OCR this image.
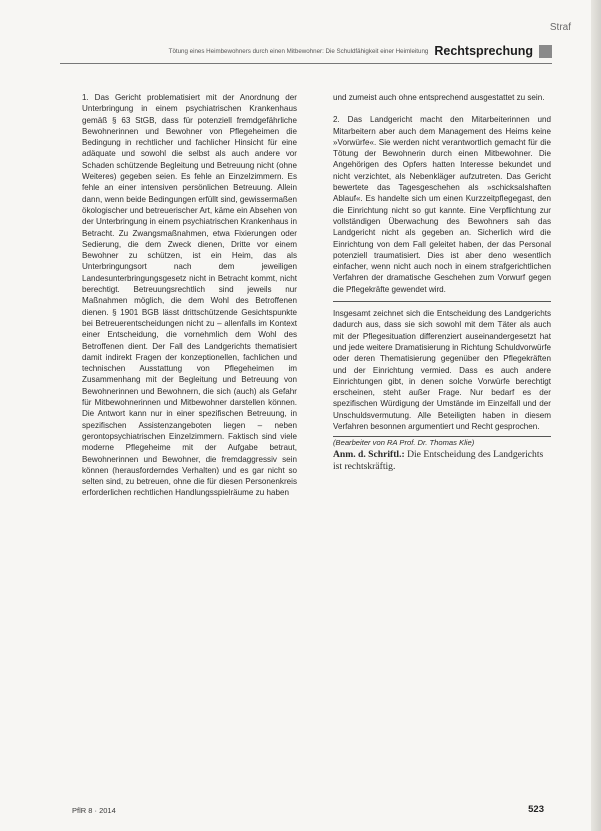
Straf
Tötung eines Heimbewohners durch einen Mitbewohner: Die Schuldfähigkeit einer Heimleitung Rechtsprechung

1. Das Gericht problematisiert mit der Anordnung der Unterbringung in einem psychiatrischen Krankenhaus gemäß § 63 StGB, dass für potenziell fremdgefährliche Bewohnerinnen und Bewohner von Pflegeheimen die Bedingung in rechtlicher und fachlicher Hinsicht für eine adäquate und sowohl die selbst als auch andere vor Schaden schützende Begleitung und Betreuung nicht (ohne Weiteres) gegeben seien. Es fehle an Einzelzimmern. Es fehle an einer intensiven persönlichen Betreuung. Allein dann, wenn beide Bedingungen erfüllt sind, gewissermaßen ökologischer und betreuerischer Art, käme ein Absehen von der Unterbringung in einem psychiatrischen Krankenhaus in Betracht. Zu Zwangsmaßnahmen, etwa Fixierungen oder Sedierung, die dem Zweck dienen, Dritte vor einem Bewohner zu schützen, ist ein Heim, das als Unterbringungsort nach dem jeweiligen Landesunterbringungsgesetz nicht in Betracht kommt, nicht berechtigt. Betreuungsrechtlich sind jeweils nur Maßnahmen möglich, die dem Wohl des Betroffenen dienen. § 1901 BGB lässt drittschützende Gesichtspunkte bei Betreuerentscheidungen nicht zu – allenfalls im Kontext einer Entscheidung, die vornehmlich dem Wohl des Betroffenen dient. Der Fall des Landgerichts thematisiert damit indirekt Fragen der konzeptionellen, fachlichen und technischen Ausstattung von Pflegeheimen im Zusammenhang mit der Begleitung und Betreuung von Bewohnerinnen und Bewohnern, die sich (auch) als Gefahr für Mitbewohnerinnen und Mitbewohner darstellen können. Die Antwort kann nur in einer spezifischen Betreuung, in spezifischen Assistenzangeboten liegen – neben gerontopsychiatrischen Einzelzimmern. Faktisch sind viele moderne Pflegeheime mit der Aufgabe betraut, Bewohnerinnen und Bewohner, die fremdaggressiv sein können (herausforderndes Verhalten) und es gar nicht so selten sind, zu betreuen, ohne die für diesen Personenkreis erforderlichen rechtlichen Handlungsspielräume zu haben

und zumeist auch ohne entsprechend ausgestattet zu sein.

2. Das Landgericht macht den Mitarbeiterinnen und Mitarbeitern aber auch dem Management des Heims keine »Vorwürfe«. Sie werden nicht verantwortlich gemacht für die Tötung der Bewohnerin durch einen Mitbewohner. Die Angehörigen des Opfers hatten Interesse bekundet und nicht verzichtet, als Nebenkläger aufzutreten. Das Gericht bewertete das Tagesgeschehen als »schicksalshaften Ablauf«. Es handelte sich um einen Kurzzeitpflegegast, den die Einrichtung nicht so gut kannte. Eine Verpflichtung zur vollständigen Überwachung des Bewohners sah das Landgericht nicht als gegeben an. Sicherlich wird die Einrichtung von dem Fall geleitet haben, der das Personal potenziell traumatisiert. Dies ist aber deno wesentlich einfacher, wenn nicht auch noch in einem strafgerichtlichen Verfahren der dramatische Geschehen zum Vorwurf gegen die Pflegekräfte gewendet wird.

Insgesamt zeichnet sich die Entscheidung des Landgerichts dadurch aus, dass sie sich sowohl mit dem Täter als auch mit der Pflegesituation differenziert auseinandergesetzt hat und jede weitere Dramatisierung in Richtung Schuldvorwürfe oder deren Thematisierung gegenüber den Pflegekräften und der Einrichtung vermied. Dass es auch andere Einrichtungen gibt, in denen solche Vorwürfe berechtigt erscheinen, steht außer Frage. Nur bedarf es der spezifischen Würdigung der Umstände im Einzelfall und der Unschuldsvermutung. Alle Beteiligten haben in diesem Verfahren besonnen argumentiert und Recht gesprochen.

(Bearbeiter von RA Prof. Dr. Thomas Klie)

Anm. d. Schriftl.: Die Entscheidung des Landgerichts ist rechtskräftig.

PflR 8 · 2014	523
